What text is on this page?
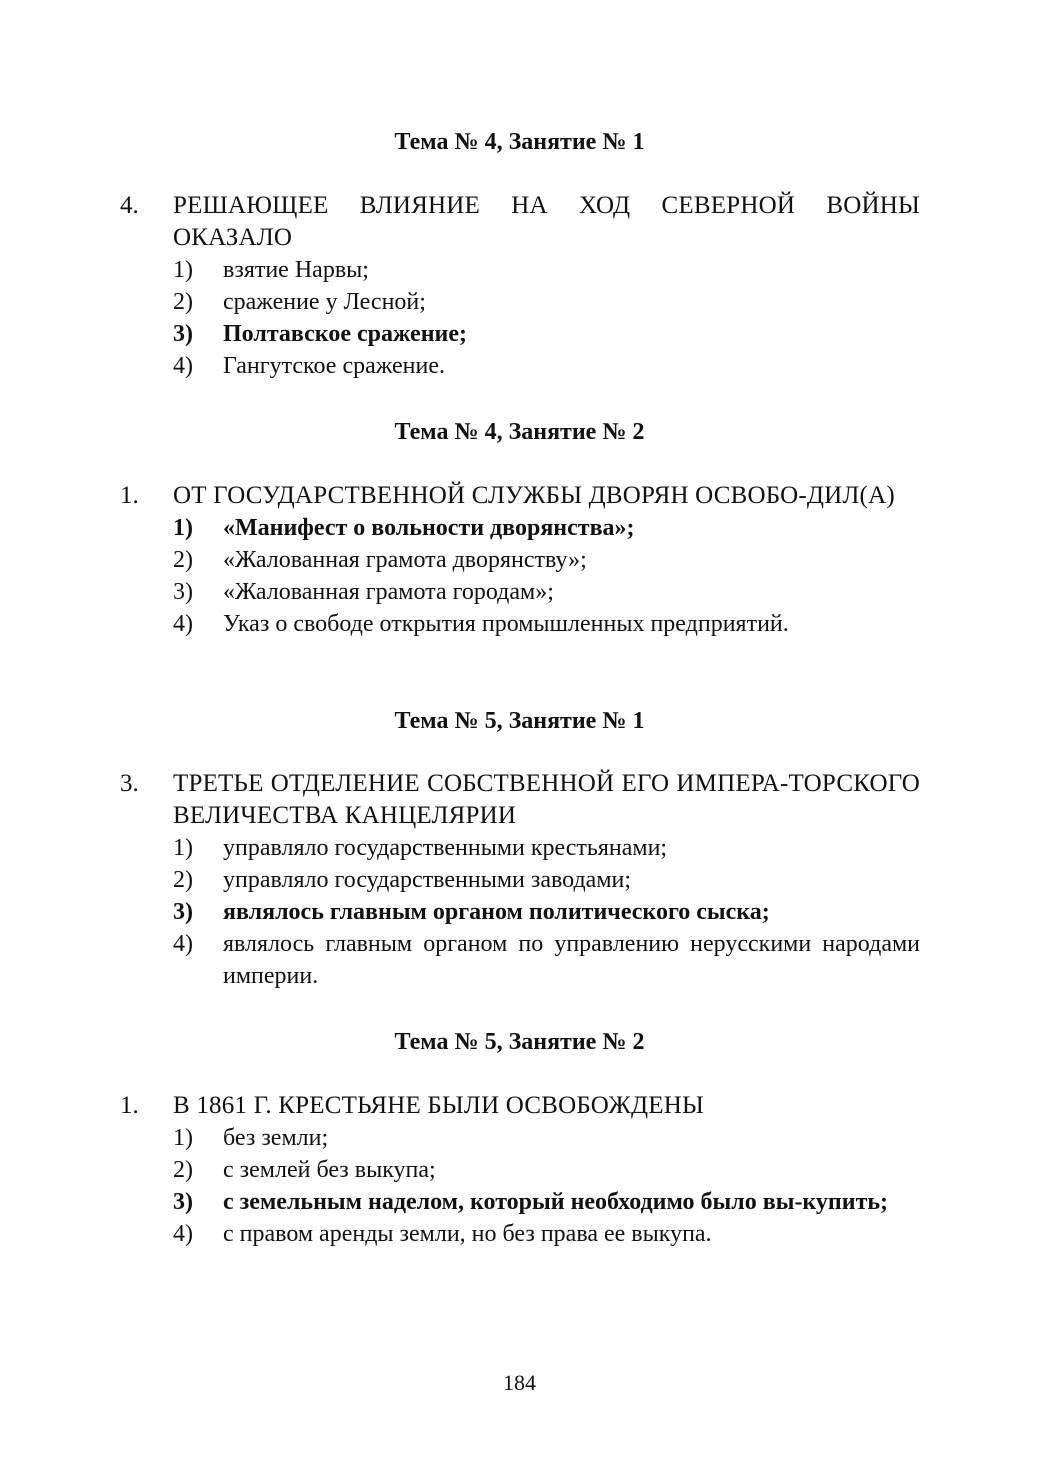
Тема № 4, Занятие № 1
4.	РЕШАЮЩЕЕ ВЛИЯНИЕ НА ХОД СЕВЕРНОЙ ВОЙНЫ ОКАЗАЛО
1)	взятие Нарвы;
2)	сражение у Лесной;
3)	Полтавское сражение;
4)	Гангутское сражение.
Тема № 4, Занятие № 2
1.	ОТ ГОСУДАРСТВЕННОЙ СЛУЖБЫ ДВОРЯН ОСВОБО-ДИЛ(А)
1)	«Манифест о вольности дворянства»;
2)	«Жалованная грамота дворянству»;
3)	«Жалованная грамота городам»;
4)	Указ о свободе открытия промышленных предприятий.
Тема № 5, Занятие № 1
3.	ТРЕТЬЕ ОТДЕЛЕНИЕ СОБСТВЕННОЙ ЕГО ИМПЕРА-ТОРСКОГО ВЕЛИЧЕСТВА КАНЦЕЛЯРИИ
1)	управляло государственными крестьянами;
2)	управляло государственными заводами;
3)	являлось главным органом политического сыска;
4)	являлось главным органом по управлению нерусскими народами империи.
Тема № 5, Занятие № 2
1.	В 1861 Г. КРЕСТЬЯНЕ БЫЛИ ОСВОБОЖДЕНЫ
1)	без земли;
2)	с землей без выкупа;
3)	с земельным наделом, который необходимо было вы-купить;
4)	с правом аренды земли, но без права ее выкупа.
184
